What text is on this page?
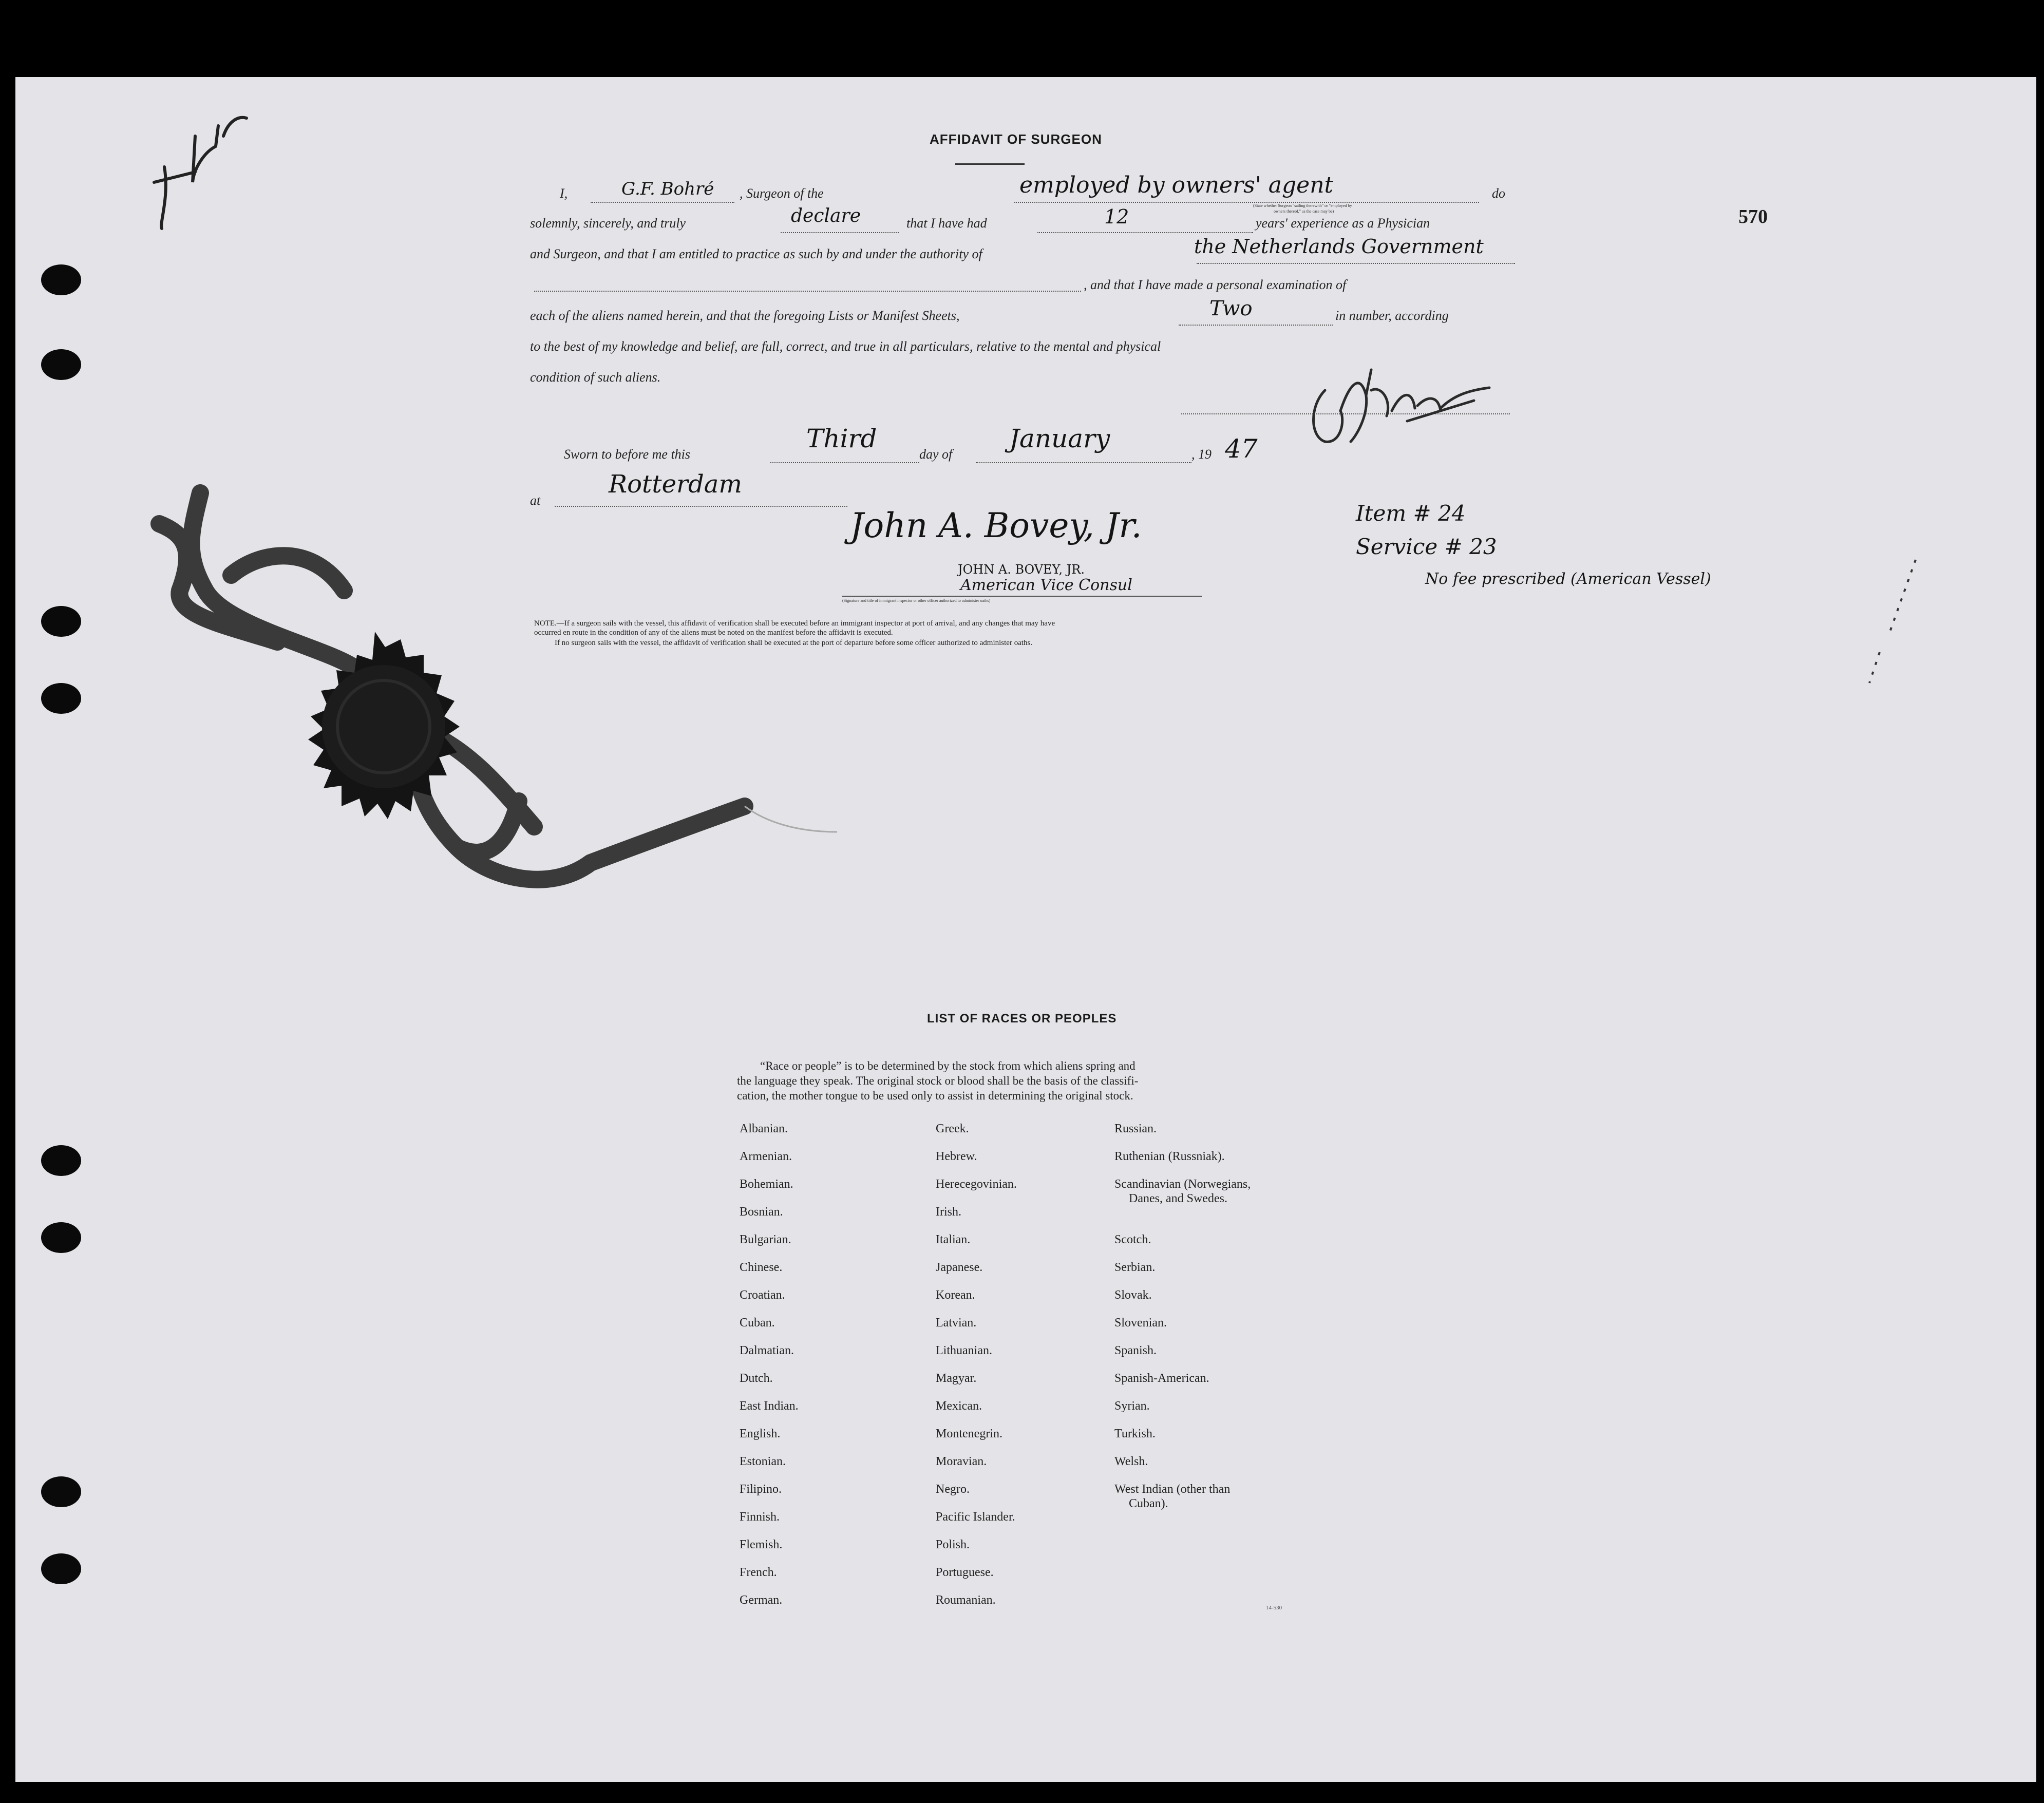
570
AFFIDAVIT OF SURGEON
I,	G.F. Bohré , Surgeon of the	employed by owners' agent	do
(State whether Surgeon "sailing therewith" or "employed by
owners thereof," as the case may be)
solemnly, sincerely, and truly	declare	that I have had	12	years' experience as a Physician
and Surgeon, and that I am entitled to practice as such by and under the authority of	the Netherlands Government
, and that I have made a personal examination of
each of the aliens named herein, and that the foregoing Lists or Manifest Sheets,	Two	in number, according
to the best of my knowledge and belief, are full, correct, and true in all particulars, relative to the mental and physical
condition of such aliens.
Sworn to before me this
Third
day of
January
, 19 47
at
Rotterdam
John A. Bovey, Jr.
JOHN A. BOVEY, JR.
American Vice Consul
(Signature and title of immigrant inspector or other officer authorized to administer oaths)
Item # 24
Service # 23
No fee prescribed (American Vessel)
NOTE.—If a surgeon sails with the vessel, this affidavit of verification shall be executed before an immigrant inspector at port of arrival, and any changes that may have
occurred en route in the condition of any of the aliens must be noted on the manifest before the affidavit is executed.
If no surgeon sails with the vessel, the affidavit of verification shall be executed at the port of departure before some officer authorized to administer oaths.
LIST OF RACES OR PEOPLES
“Race or people” is to be determined by the stock from which aliens spring and
the language they speak. The original stock or blood shall be the basis of the classifi-
cation, the mother tongue to be used only to assist in determining the original stock.
Albanian.
Armenian.
Bohemian.
Bosnian.
Bulgarian.
Chinese.
Croatian.
Cuban.
Dalmatian.
Dutch.
East Indian.
English.
Estonian.
Filipino.
Finnish.
Flemish.
French.
German.
Greek.
Hebrew.
Herecegovinian.
Irish.
Italian.
Japanese.
Korean.
Latvian.
Lithuanian.
Magyar.
Mexican.
Montenegrin.
Moravian.
Negro.
Pacific Islander.
Polish.
Portuguese.
Roumanian.
Russian.
Ruthenian (Russniak).
Scandinavian (Norwegians,
Danes, and Swedes.
Scotch.
Serbian.
Slovak.
Slovenian.
Spanish.
Spanish-American.
Syrian.
Turkish.
Welsh.
West Indian (other than
Cuban).
14-530
